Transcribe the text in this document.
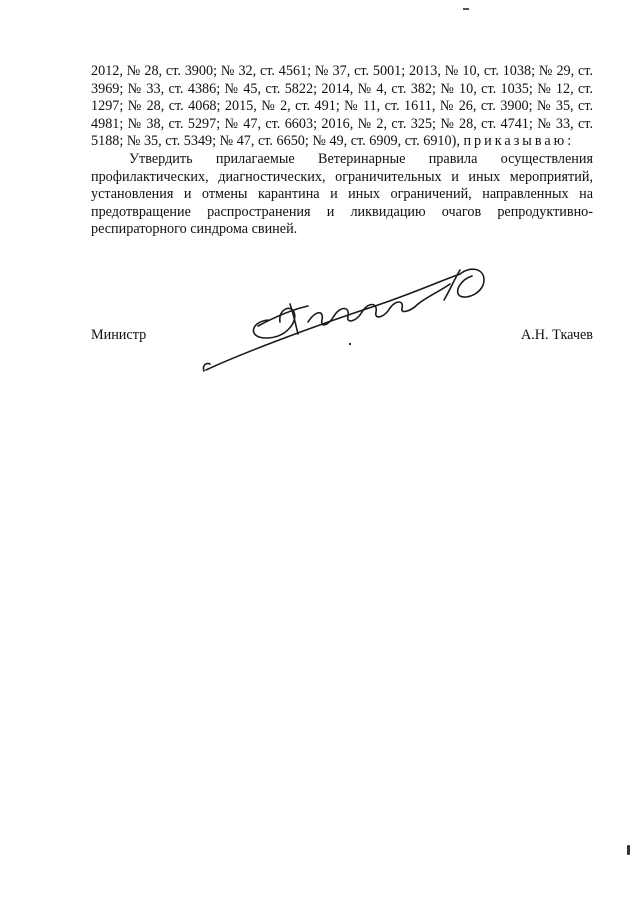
2012, № 28, ст. 3900; № 32, ст. 4561; № 37, ст. 5001; 2013, № 10, ст. 1038; № 29, ст. 3969; № 33, ст. 4386; № 45, ст. 5822; 2014, № 4, ст. 382; № 10, ст. 1035; № 12, ст. 1297; № 28, ст. 4068; 2015, № 2, ст. 491; № 11, ст. 1611, № 26, ст. 3900; № 35, ст. 4981; № 38, ст. 5297; № 47, ст. 6603; 2016, № 2, ст. 325; № 28, ст. 4741; № 33, ст. 5188; № 35, ст. 5349; № 47, ст. 6650; № 49, ст. 6909, ст. 6910), приказываю:

Утвердить прилагаемые Ветеринарные правила осуществления профилактических, диагностических, ограничительных и иных мероприятий, установления и отмены карантина и иных ограничений, направленных на предотвращение распространения и ликвидацию очагов репродуктивно-респираторного синдрома свиней.

Министр	А.Н. Ткачев
